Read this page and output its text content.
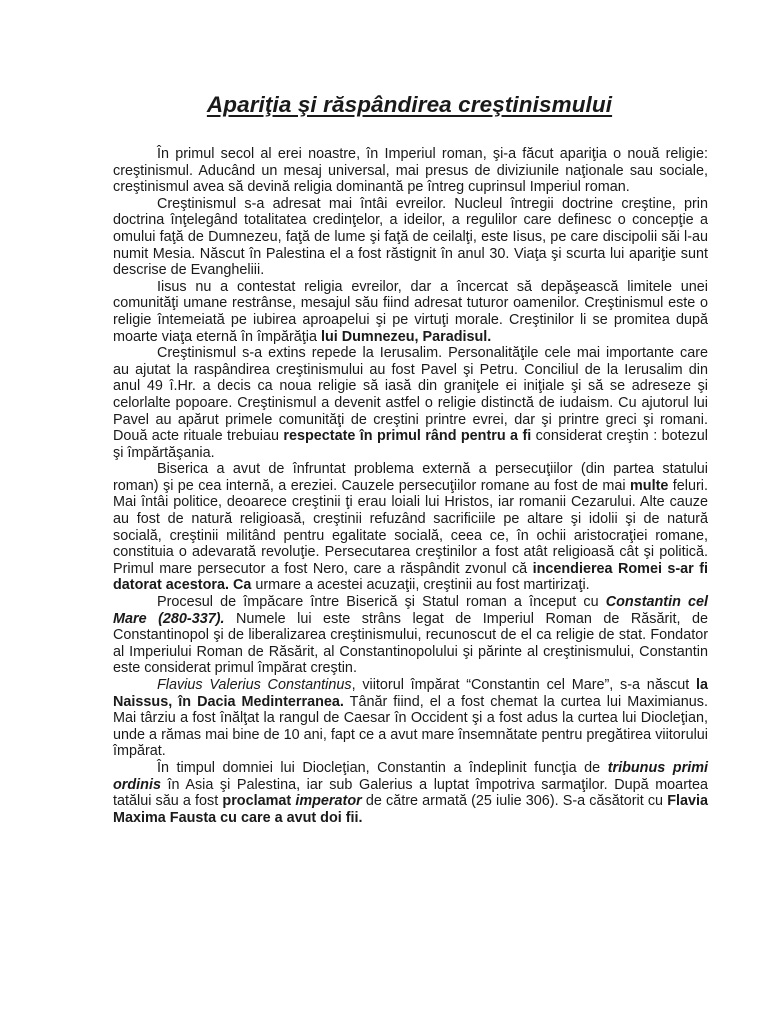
Apariţia şi răspândirea creştinismului

În primul secol al erei noastre, în Imperiul roman, şi-a făcut apariţia o nouă religie: creştinismul. Aducând un mesaj universal, mai presus de diviziunile naţionale sau sociale, creştinismul avea să devină religia dominantă pe întreg cuprinsul Imperiul roman.

Creştinismul s-a adresat mai întâi evreilor. Nucleul întregii doctrine creştine, prin doctrina înţelegând totalitatea credinţelor, a ideilor, a regulilor care definesc o concepţie a omului faţă de Dumnezeu, faţă de lume şi faţă de ceilalţi, este Iisus, pe care discipolii săi l-au numit Mesia. Născut în Palestina el a fost răstignit în anul 30. Viaţa şi scurta lui apariţie sunt descrise de Evangheliii.

Iisus nu a contestat religia evreilor, dar a încercat să depăşească limitele unei comunităţi umane restrânse, mesajul său fiind adresat tuturor oamenilor. Creştinismul este o religie întemeiată pe iubirea aproapelui şi pe virtuţi morale. Creştinilor li se promitea după moarte viaţa eternă în împărăţia lui Dumnezeu, Paradisul.

Creştinismul s-a extins repede la Ierusalim. Personalităţile cele mai importante care au ajutat la raspândirea creştinismului au fost Pavel şi Petru. Conciliul de la Ierusalim din anul 49 î.Hr. a decis ca noua religie să iasă din graniţele ei iniţiale şi să se adreseze şi celorlalte popoare. Creştinismul a devenit astfel o religie distinctă de iudaism. Cu ajutorul lui Pavel au apărut primele comunităţi de creştini printre evrei, dar şi printre greci şi romani. Două acte rituale trebuiau respectate în primul rând pentru a fi considerat creştin : botezul şi împărtăşania.

Biserica a avut de înfruntat problema externă a persecuţiilor (din partea statului roman) şi pe cea internă, a ereziei. Cauzele persecuţiilor romane au fost de mai multe feluri. Mai întâi politice, deoarece creştinii ţi erau loiali lui Hristos, iar romanii Cezarului. Alte cauze au fost de natură religioasă, creştinii refuzând sacrificiile pe altare şi idolii şi de natură socială, creştinii militând pentru egalitate socială, ceea ce, în ochii aristocraţiei romane, constituia o adevarată revoluţie. Persecutarea creştinilor a fost atât religioasă cât şi politică. Primul mare persecutor a fost Nero, care a răspândit zvonul că incendierea Romei s-ar fi datorat acestora. Ca urmare a acestei acuzaţii, creştinii au fost martirizaţi.

Procesul de împăcare între Biserică şi Statul roman a început cu Constantin cel Mare (280-337). Numele lui este strâns legat de Imperiul Roman de Răsărit, de Constantinopol şi de liberalizarea creştinismului, recunoscut de el ca religie de stat. Fondator al Imperiului Roman de Răsărit, al Constantinopolului şi părinte al creştinismului, Constantin este considerat primul împărat creştin.

Flavius Valerius Constantinus, viitorul împărat “Constantin cel Mare”, s-a născut la Naissus, în Dacia Medinterranea. Tânăr fiind, el a fost chemat la curtea lui Maximianus. Mai târziu a fost înălţat la rangul de Caesar în Occident şi a fost adus la curtea lui Diocleţian, unde a rămas mai bine de 10 ani, fapt ce a avut mare însemnătate pentru pregătirea viitorului împărat.

În timpul domniei lui Diocleţian, Constantin a îndeplinit funcţia de tribunus primi ordinis în Asia şi Palestina, iar sub Galerius a luptat împotriva sarmaţilor. După moartea tatălui său a fost proclamat imperator de către armată (25 iulie 306). S-a căsătorit cu Flavia Maxima Fausta cu care a avut doi fii.
